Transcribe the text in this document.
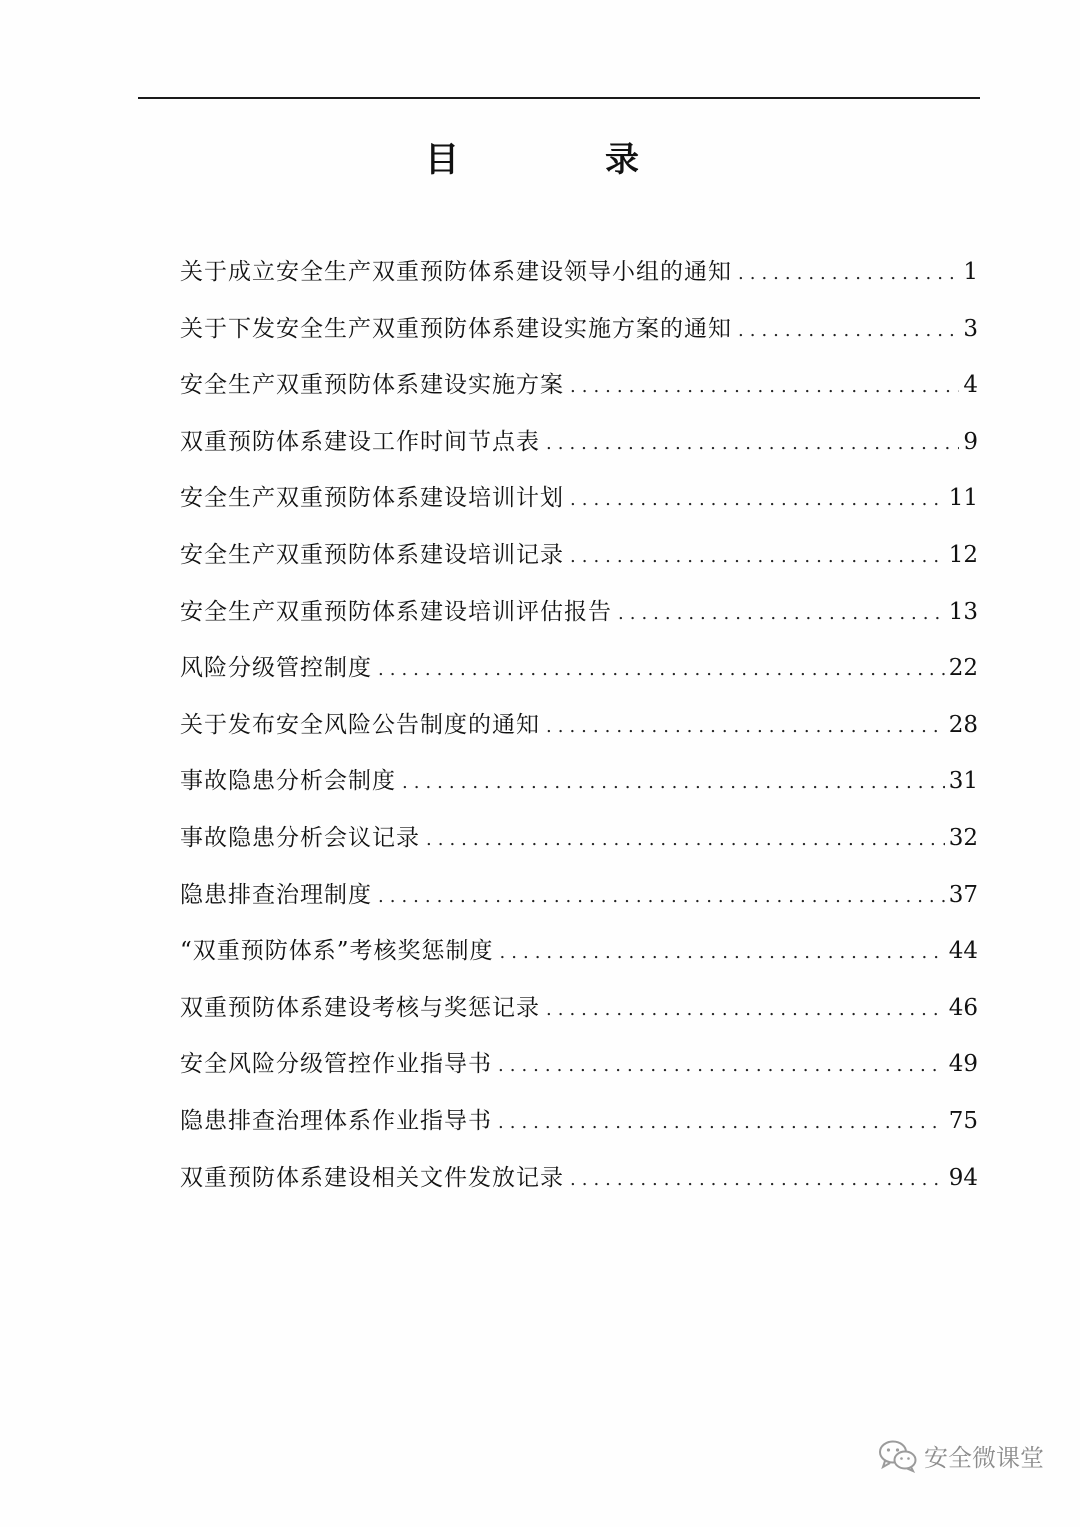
目　录
关于成立安全生产双重预防体系建设领导小组的通知 .....	1
关于下发安全生产双重预防体系建设实施方案的通知 .....	3
安全生产双重预防体系建设实施方案 .....	4
双重预防体系建设工作时间节点表 .....	9
安全生产双重预防体系建设培训计划 .....	11
安全生产双重预防体系建设培训记录 .....	12
安全生产双重预防体系建设培训评估报告 .....	13
风险分级管控制度 .....	22
关于发布安全风险公告制度的通知 .....	28
事故隐患分析会制度 .....	31
事故隐患分析会议记录 .....	32
隐患排查治理制度 .....	37
“双重预防体系”考核奖惩制度 .....	44
双重预防体系建设考核与奖惩记录 .....	46
安全风险分级管控作业指导书 .....	49
隐患排查治理体系作业指导书 .....	75
双重预防体系建设相关文件发放记录 .....	94
安全微课堂
